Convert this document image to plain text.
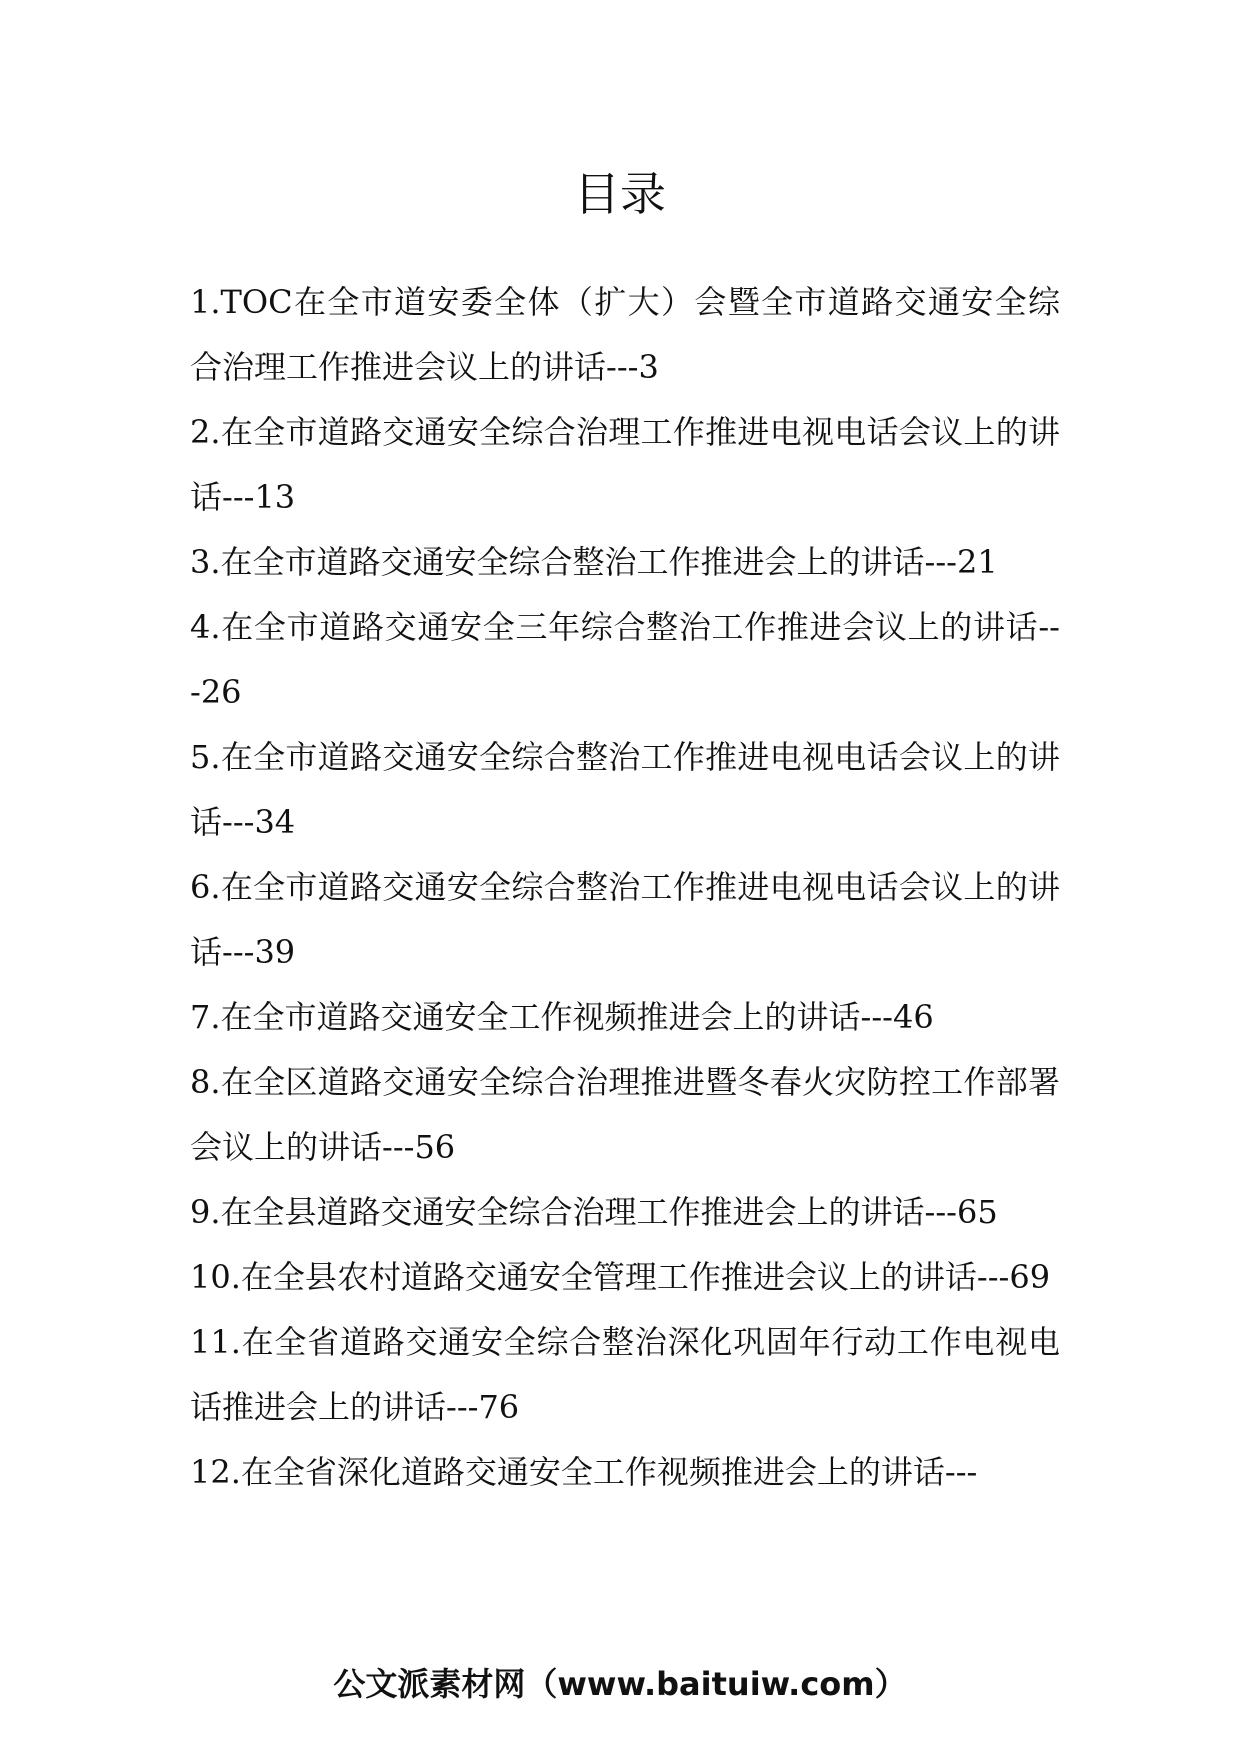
目录

1.TOC在全市道安委全体（扩大）会暨全市道路交通安全综合治理工作推进会议上的讲话---3

2.在全市道路交通安全综合治理工作推进电视电话会议上的讲话---13

3.在全市道路交通安全综合整治工作推进会上的讲话---21

4.在全市道路交通安全三年综合整治工作推进会议上的讲话---26

5.在全市道路交通安全综合整治工作推进电视电话会议上的讲话---34

6.在全市道路交通安全综合整治工作推进电视电话会议上的讲话---39

7.在全市道路交通安全工作视频推进会上的讲话---46

8.在全区道路交通安全综合治理推进暨冬春火灾防控工作部署会议上的讲话---56

9.在全县道路交通安全综合治理工作推进会上的讲话---65

10.在全县农村道路交通安全管理工作推进会议上的讲话---69

11.在全省道路交通安全综合整治深化巩固年行动工作电视电话推进会上的讲话---76

12.在全省深化道路交通安全工作视频推进会上的讲话---

公文派素材网（www.baituiw.com）
